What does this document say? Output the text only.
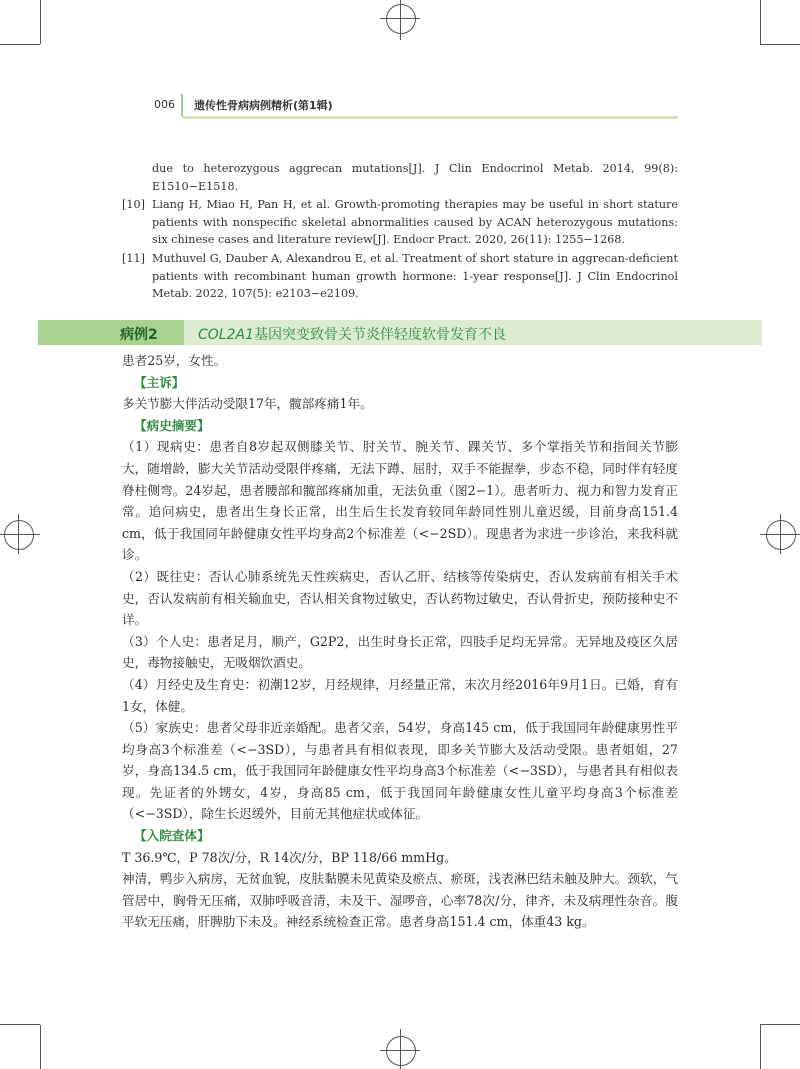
006 遗传性骨病病例精析(第1辑)
due to heterozygous aggrecan mutations[J]. J Clin Endocrinol Metab. 2014, 99(8): E1510−E1518.
[10] Liang H, Miao H, Pan H, et al. Growth-promoting therapies may be useful in short stature patients with nonspecific skeletal abnormalities caused by ACAN heterozygous mutations: six chinese cases and literature review[J]. Endocr Pract. 2020, 26(11): 1255−1268.
[11] Muthuvel G, Dauber A, Alexandrou E, et al. Treatment of short stature in aggrecan-deficient patients with recombinant human growth hormone: 1-year response[J]. J Clin Endocrinol Metab. 2022, 107(5): e2103−e2109.
病例2	COL2A1基因突变致骨关节炎伴轻度软骨发育不良
患者25岁，女性。
【主诉】
多关节膨大伴活动受限17年，髋部疼痛1年。
【病史摘要】
（1）现病史：患者自8岁起双侧膝关节、肘关节、腕关节、踝关节、多个掌指关节和指间关节膨大，随增龄，膨大关节活动受限伴疼痛，无法下蹲、屈肘，双手不能握拳，步态不稳，同时伴有轻度脊柱侧弯。24岁起，患者腰部和髋部疼痛加重，无法负重（图2−1）。患者听力、视力和智力发育正常。追问病史，患者出生身长正常，出生后生长发育较同年龄同性别儿童迟缓，目前身高151.4 cm，低于我国同年龄健康女性平均身高2个标准差（<−2SD）。现患者为求进一步诊治，来我科就诊。
（2）既往史：否认心肺系统先天性疾病史，否认乙肝、结核等传染病史，否认发病前有相关手术史，否认发病前有相关输血史，否认相关食物过敏史，否认药物过敏史，否认骨折史，预防接种史不详。
（3）个人史：患者足月，顺产，G2P2，出生时身长正常，四肢手足均无异常。无异地及疫区久居史，毒物接触史，无吸烟饮酒史。
（4）月经史及生育史：初潮12岁，月经规律，月经量正常，末次月经2016年9月1日。已婚，育有1女，体健。
（5）家族史：患者父母非近亲婚配。患者父亲，54岁，身高145 cm，低于我国同年龄健康男性平均身高3个标准差（<−3SD），与患者具有相似表现，即多关节膨大及活动受限。患者姐姐，27岁，身高134.5 cm，低于我国同年龄健康女性平均身高3个标准差（<−3SD），与患者具有相似表现。先证者的外甥女，4岁，身高85 cm，低于我国同年龄健康女性儿童平均身高3个标准差（<−3SD），除生长迟缓外，目前无其他症状或体征。
【入院查体】
T 36.9℃，P 78次/分，R 14次/分，BP 118/66 mmHg。
神清，鸭步入病房，无贫血貌，皮肤黏膜未见黄染及瘀点、瘀斑，浅表淋巴结未触及肿大。颈软，气管居中，胸骨无压痛，双肺呼吸音清，未及干、湿啰音，心率78次/分，律齐，未及病理性杂音。腹平软无压痛，肝脾肋下未及。神经系统检查正常。患者身高151.4 cm，体重43 kg。
